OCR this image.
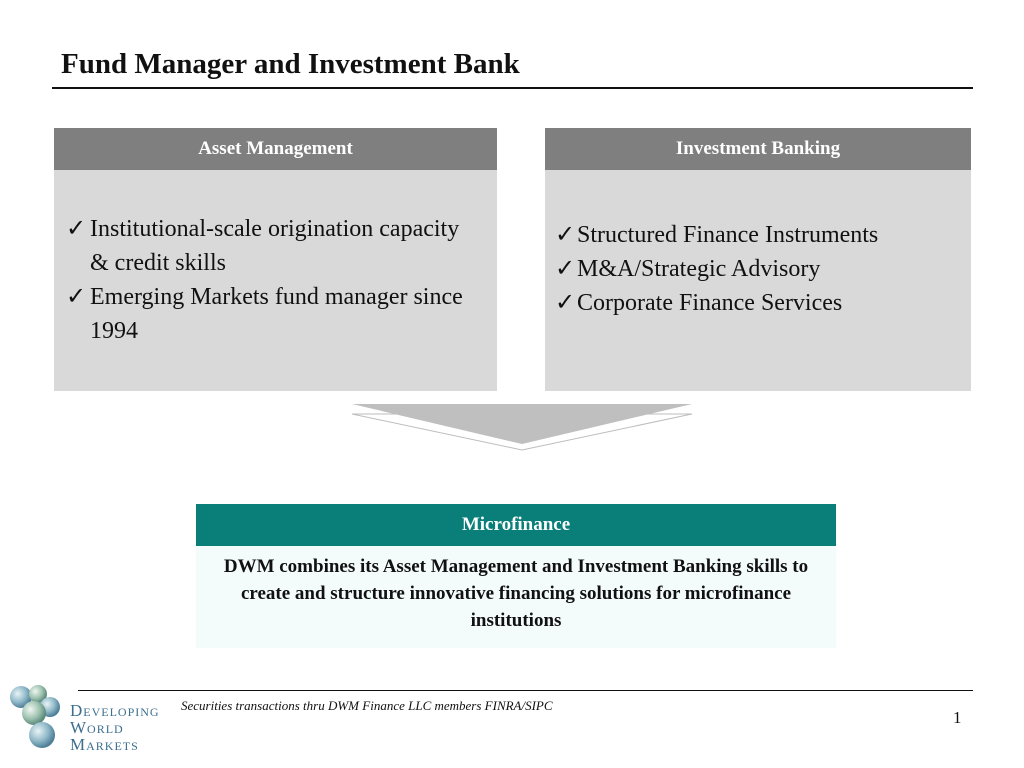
Fund Manager and Investment Bank
Asset Management
✓ Institutional-scale origination capacity & credit skills
✓ Emerging Markets fund manager since 1994
Investment Banking
✓ Structured Finance Instruments
✓ M&A/Strategic Advisory
✓ Corporate Finance Services
Microfinance
DWM combines its Asset Management and Investment Banking skills to create and structure innovative financing solutions for microfinance institutions
Developing
World
Markets
Securities transactions thru DWM Finance LLC members FINRA/SIPC
1
